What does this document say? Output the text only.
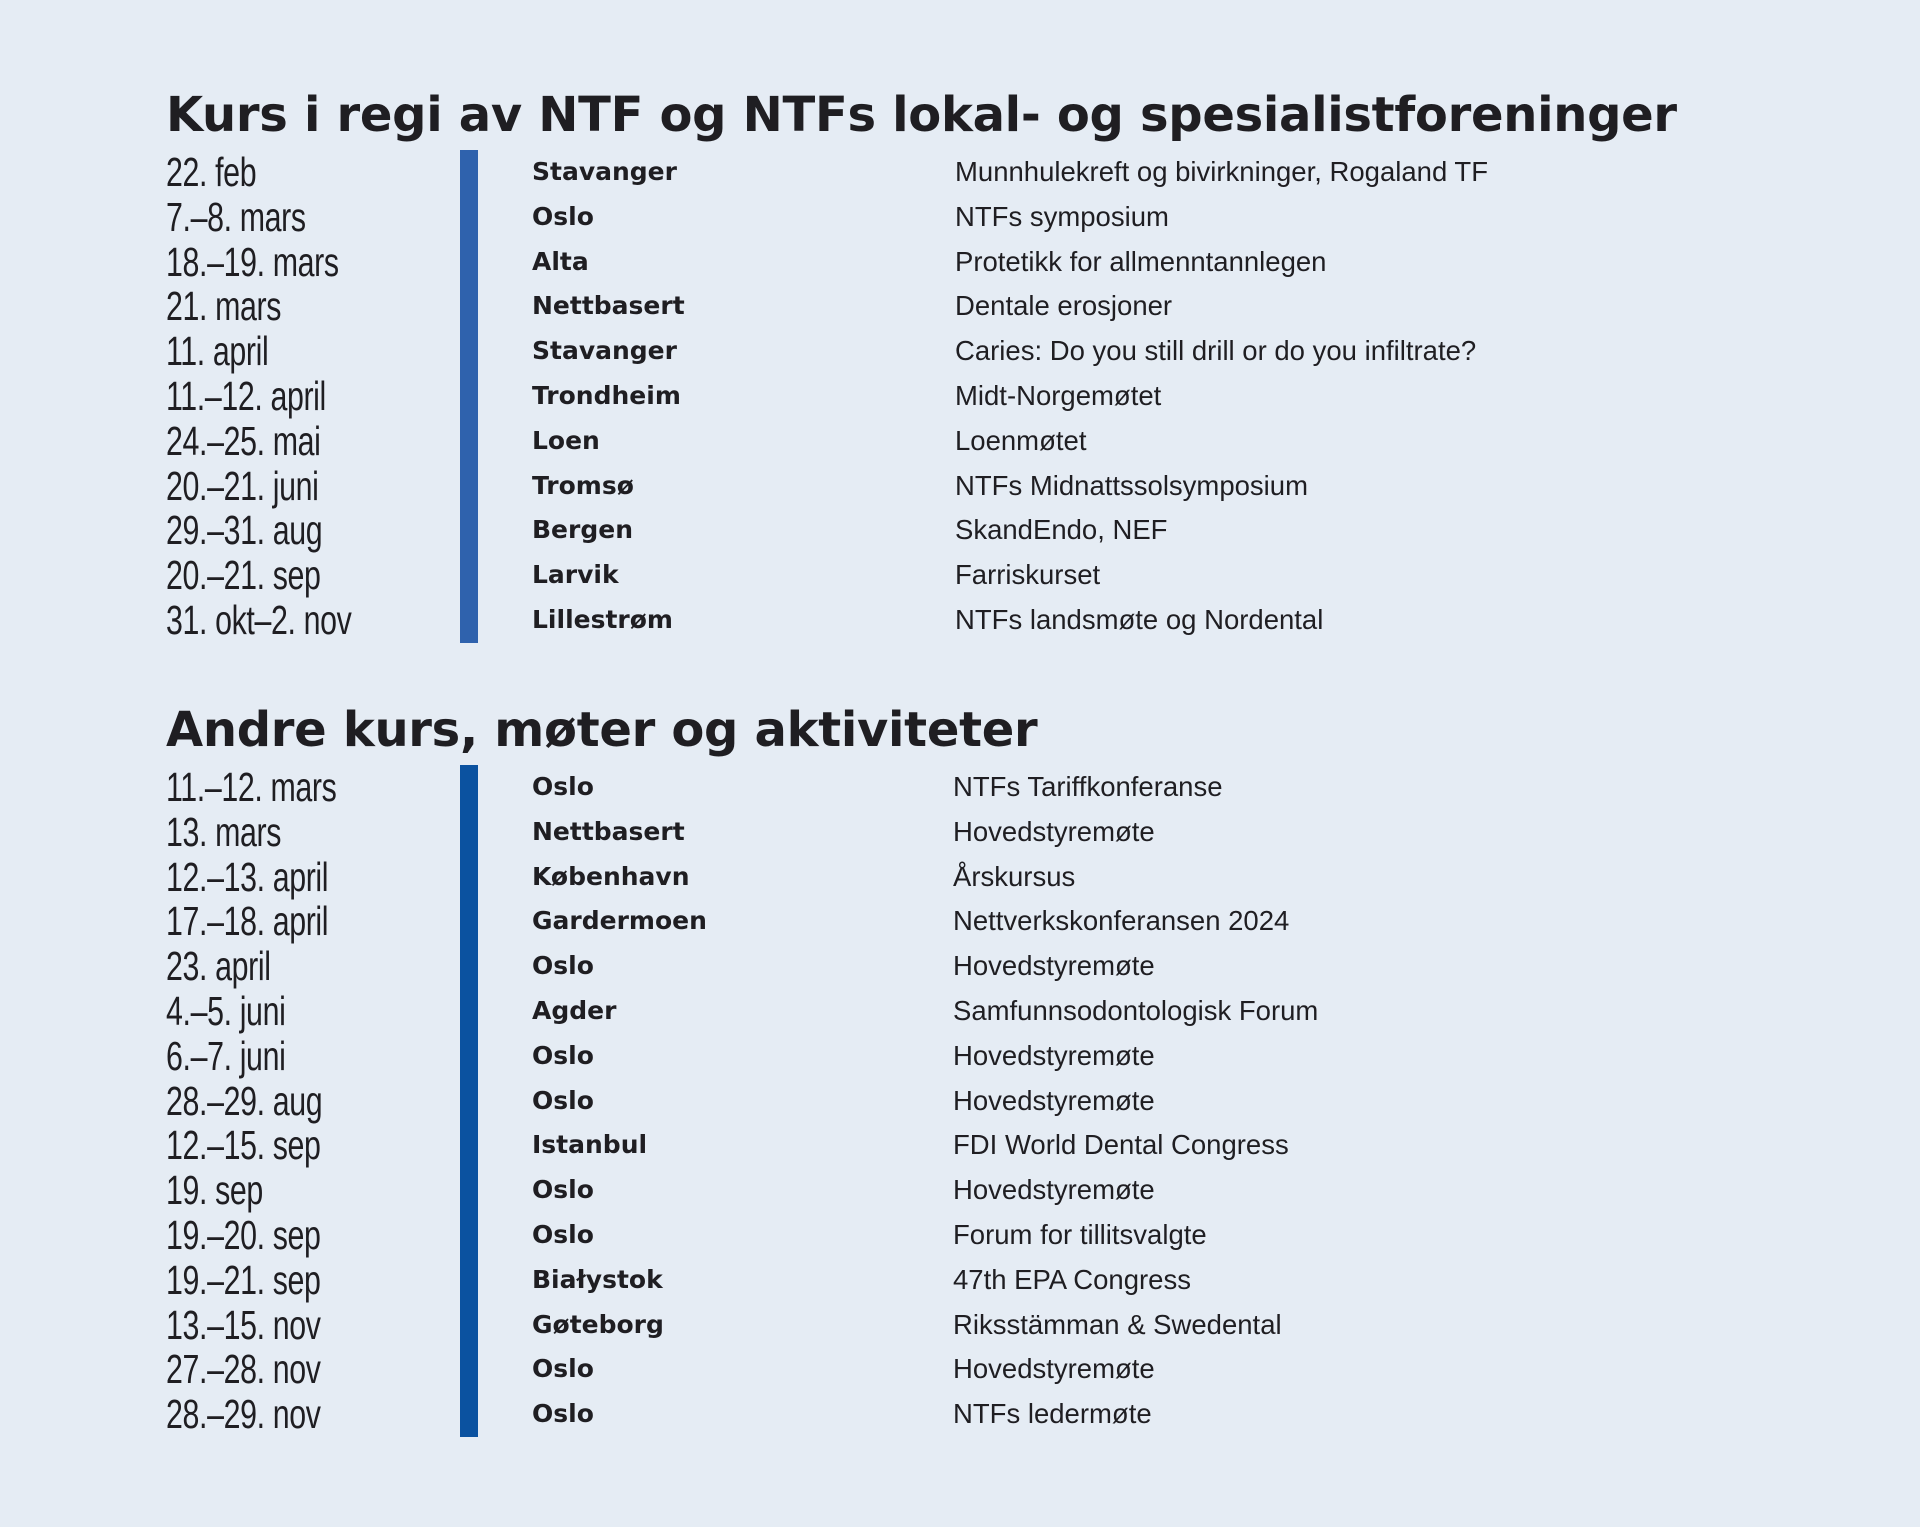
Kurs i regi av NTF og NTFs lokal- og spesialistforeninger
22. feb	Stavanger	Munnhulekreft og bivirkninger, Rogaland TF
7.–8. mars	Oslo	NTFs symposium
18.–19. mars	Alta	Protetikk for allmenntannlegen
21. mars	Nettbasert	Dentale erosjoner
11. april	Stavanger	Caries: Do you still drill or do you infiltrate?
11.–12. april	Trondheim	Midt-Norgemøtet
24.–25. mai	Loen	Loenmøtet
20.–21. juni	Tromsø	NTFs Midnattssolsymposium
29.–31. aug	Bergen	SkandEndo, NEF
20.–21. sep	Larvik	Farriskurset
31. okt–2. nov	Lillestrøm	NTFs landsmøte og Nordental
Andre kurs, møter og aktiviteter
11.–12. mars	Oslo	NTFs Tariffkonferanse
13. mars	Nettbasert	Hovedstyremøte
12.–13. april	København	Årskursus
17.–18. april	Gardermoen	Nettverkskonferansen 2024
23. april	Oslo	Hovedstyremøte
4.–5. juni	Agder	Samfunnsodontologisk Forum
6.–7. juni	Oslo	Hovedstyremøte
28.–29. aug	Oslo	Hovedstyremøte
12.–15. sep	Istanbul	FDI World Dental Congress
19. sep	Oslo	Hovedstyremøte
19.–20. sep	Oslo	Forum for tillitsvalgte
19.–21. sep	Białystok	47th EPA Congress
13.–15. nov	Gøteborg	Riksstämman & Swedental
27.–28. nov	Oslo	Hovedstyremøte
28.–29. nov	Oslo	NTFs ledermøte
